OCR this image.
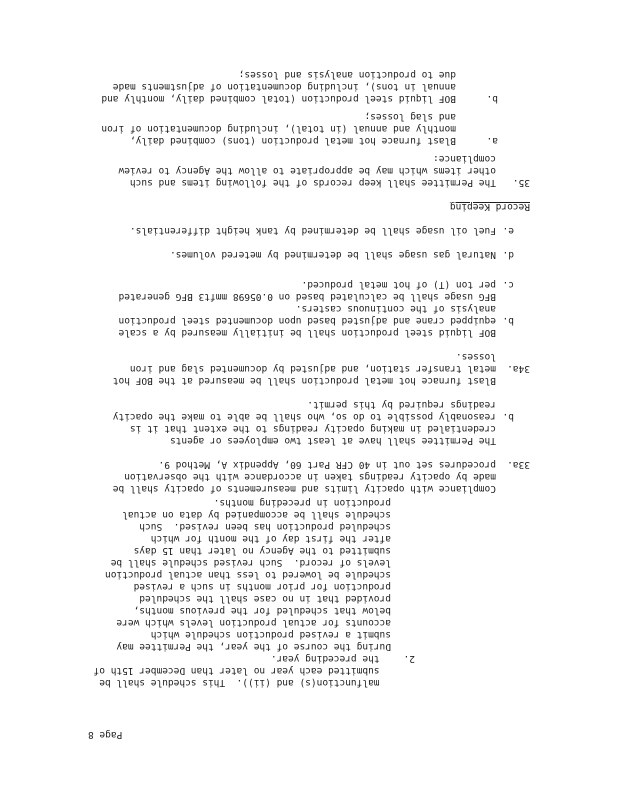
2.
33a.
b.
34a.
b.
c.
d.
e.
35.
a.
b.
malfunction(s) and (ii)).  This schedule shall be
submitted each year no later than December 15th of
the preceding year.
During the course of the year, the Permittee may
submit a revised production schedule which
accounts for actual production levels which were
below that scheduled for the previous months,
provided that in no case shall the scheduled
production for prior months in such a revised
schedule be lowered to less than actual production
levels of record.  Such revised schedule shall be
submitted to the Agency no later than 15 days
after the first day of the month for which
scheduled production has been revised.  Such
schedule shall be accompanied by data on actual
production in preceding months.
Compliance with opacity limits and measurements of opacity shall be
made by opacity readings taken in accordance with the observation
procedures set out in 40 CFR Part 60, Appendix A, Method 9.
The Permittee shall have at least two employees or agents
credentialed in making opacity readings to the extent that it is
reasonably possible to do so, who shall be able to make the opacity
readings required by this permit.
Blast furnace hot metal production shall be measured at the BOF hot
metal transfer station, and adjusted by documented slag and iron
losses.
BOF liquid steel production shall be initially measured by a scale
equipped crane and adjusted based upon documented steel production
analysis of the continuous casters.
BFG usage shall be calculated based on 0.05698 mmft3 BFG generated
per ton (T) of hot metal produced.
Natural gas usage shall be determined by metered volumes.
Fuel oil usage shall be determined by tank height differentials.
Record Keeping
The Permittee shall keep records of the following items and such
other items which may be appropriate to allow the Agency to review
compliance:
Blast furnace hot metal production (tons) combined daily,
monthly and annual (in total), including documentation of iron
and slag losses;
BOF liquid steel production (total combined daily, monthly and
annual in tons), including documentation of adjustments made
due to production analysis and losses;
Page 8
